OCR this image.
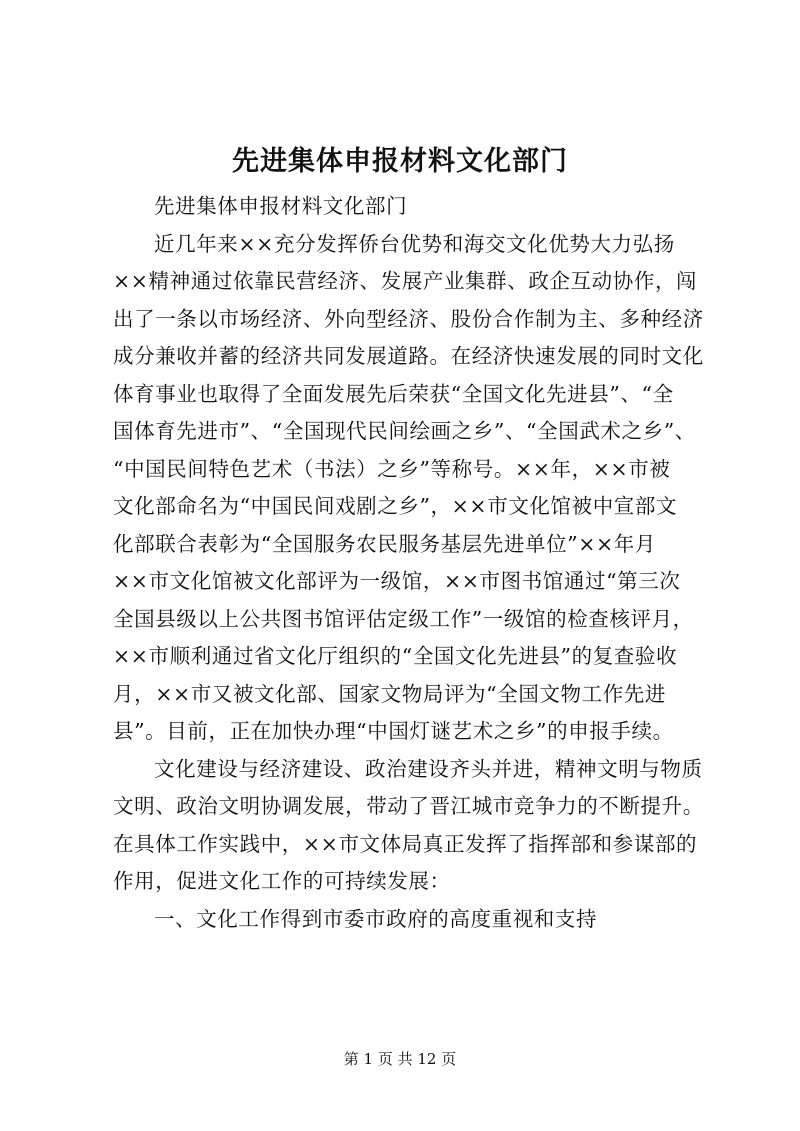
先进集体申报材料文化部门
先进集体申报材料文化部门
近几年来××充分发挥侨台优势和海交文化优势大力弘扬
××精神通过依靠民营经济、发展产业集群、政企互动协作，闯
出了一条以市场经济、外向型经济、股份合作制为主、多种经济
成分兼收并蓄的经济共同发展道路。在经济快速发展的同时文化
体育事业也取得了全面发展先后荣获“全国文化先进县”、“全
国体育先进市”、“全国现代民间绘画之乡”、“全国武术之乡”、
“中国民间特色艺术（书法）之乡”等称号。××年，××市被
文化部命名为“中国民间戏剧之乡”，××市文化馆被中宣部文
化部联合表彰为“全国服务农民服务基层先进单位”××年月
××市文化馆被文化部评为一级馆，××市图书馆通过“第三次
全国县级以上公共图书馆评估定级工作”一级馆的检查核评月，
××市顺利通过省文化厅组织的“全国文化先进县”的复查验收
月，××市又被文化部、国家文物局评为“全国文物工作先进
县”。目前，正在加快办理“中国灯谜艺术之乡”的申报手续。
文化建设与经济建设、政治建设齐头并进，精神文明与物质
文明、政治文明协调发展，带动了晋江城市竞争力的不断提升。
在具体工作实践中，××市文体局真正发挥了指挥部和参谋部的
作用，促进文化工作的可持续发展：
一、文化工作得到市委市政府的高度重视和支持
第 1 页 共 12 页
